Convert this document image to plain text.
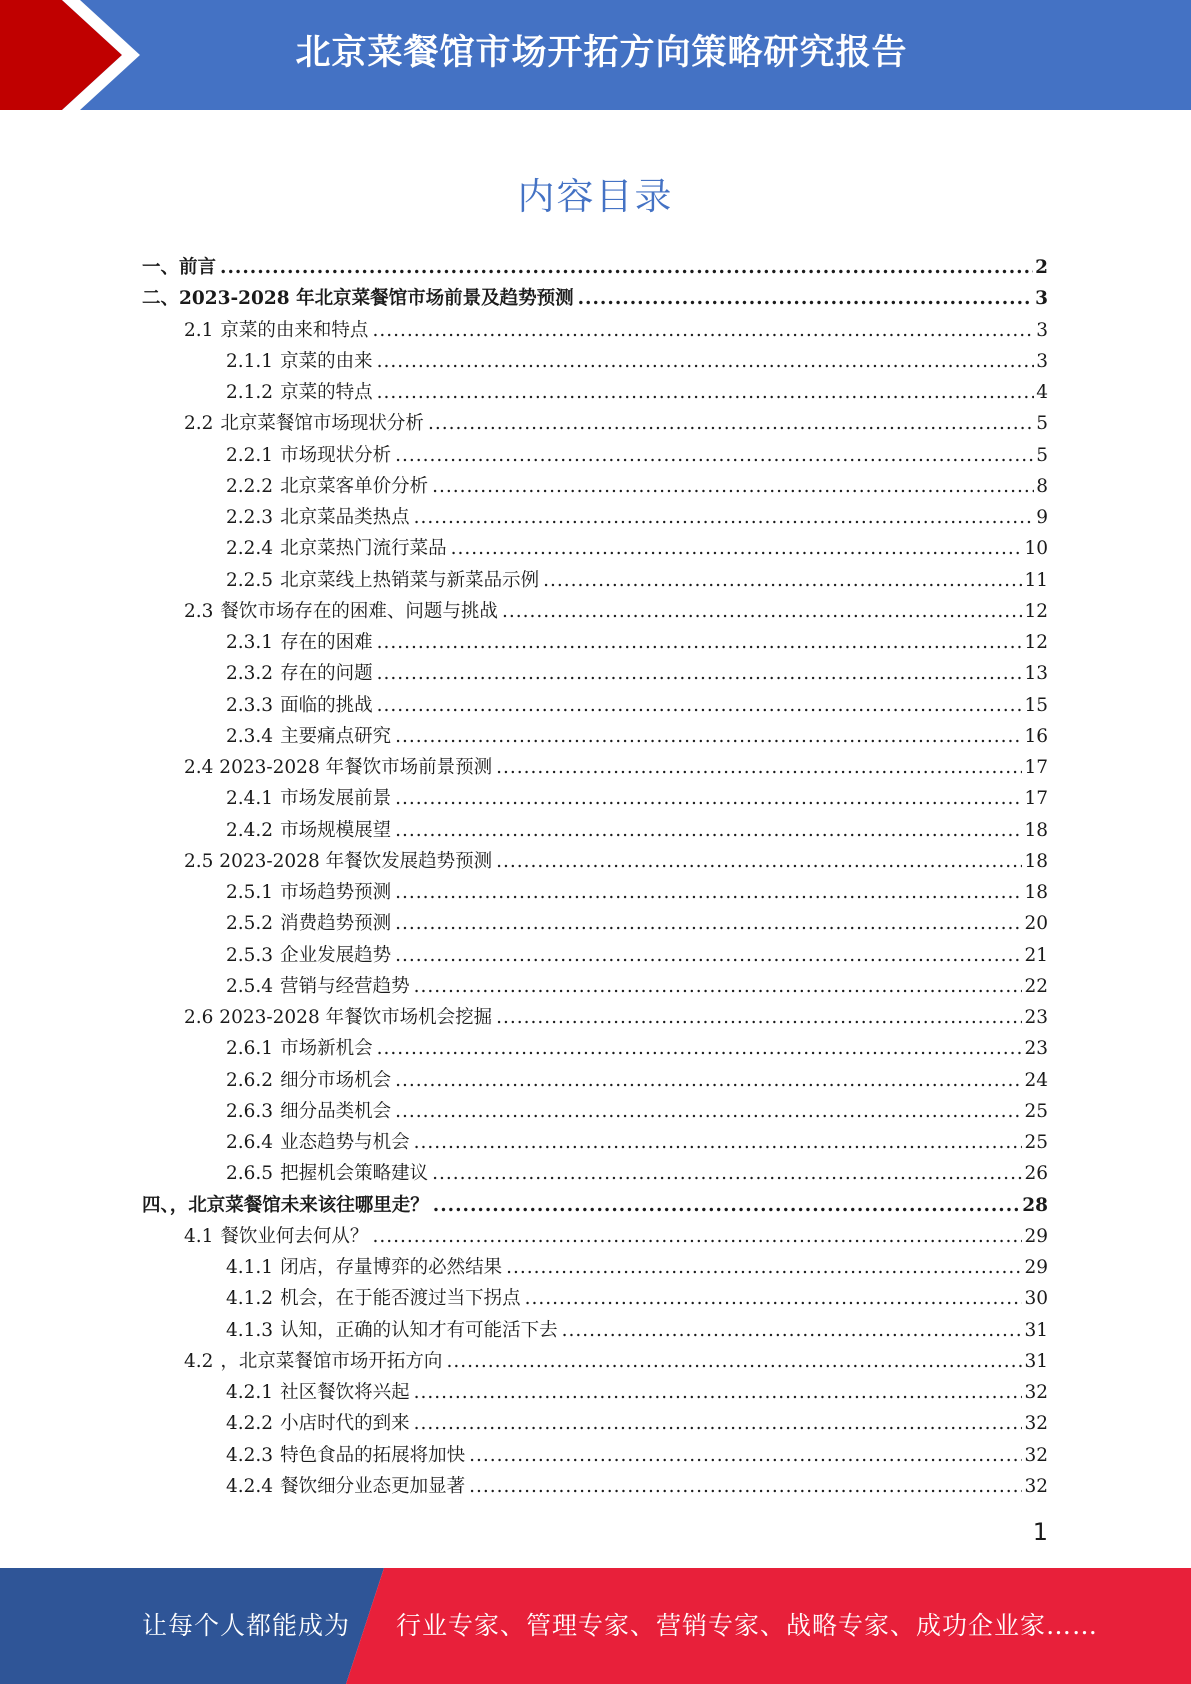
北京菜餐馆市场开拓方向策略研究报告
内容目录
一、前言 .....	2
二、2023-2028 年北京菜餐馆市场前景及趋势预测 .....	3
2.1 京菜的由来和特点 .....	3
2.1.1 京菜的由来 .....	3
2.1.2 京菜的特点 .....	4
2.2 北京菜餐馆市场现状分析 .....	5
2.2.1 市场现状分析 .....	5
2.2.2 北京菜客单价分析 .....	8
2.2.3 北京菜品类热点 .....	9
2.2.4 北京菜热门流行菜品 .....	10
2.2.5 北京菜线上热销菜与新菜品示例 .....	11
2.3 餐饮市场存在的困难、问题与挑战 .....	12
2.3.1 存在的困难 .....	12
2.3.2 存在的问题 .....	13
2.3.3 面临的挑战 .....	15
2.3.4 主要痛点研究 .....	16
2.4 2023-2028 年餐饮市场前景预测 .....	17
2.4.1 市场发展前景 .....	17
2.4.2 市场规模展望 .....	18
2.5 2023-2028 年餐饮发展趋势预测 .....	18
2.5.1 市场趋势预测 .....	18
2.5.2 消费趋势预测 .....	20
2.5.3 企业发展趋势 .....	21
2.5.4 营销与经营趋势 .....	22
2.6 2023-2028 年餐饮市场机会挖掘 .....	23
2.6.1 市场新机会 .....	23
2.6.2 细分市场机会 .....	24
2.6.3 细分品类机会 .....	25
2.6.4 业态趋势与机会 .....	25
2.6.5 把握机会策略建议 .....	26
四、，北京菜餐馆未来该往哪里走？ .....	28
4.1 餐饮业何去何从？ .....	29
4.1.1 闭店，存量博弈的必然结果 .....	29
4.1.2 机会，在于能否渡过当下拐点 .....	30
4.1.3 认知，正确的认知才有可能活下去 .....	31
4.2 ，北京菜餐馆市场开拓方向 .....	31
4.2.1 社区餐饮将兴起 .....	32
4.2.2 小店时代的到来 .....	32
4.2.3 特色食品的拓展将加快 .....	32
4.2.4 餐饮细分业态更加显著 .....	32
1
让每个人都能成为 行业专家、管理专家、营销专家、战略专家、成功企业家……
